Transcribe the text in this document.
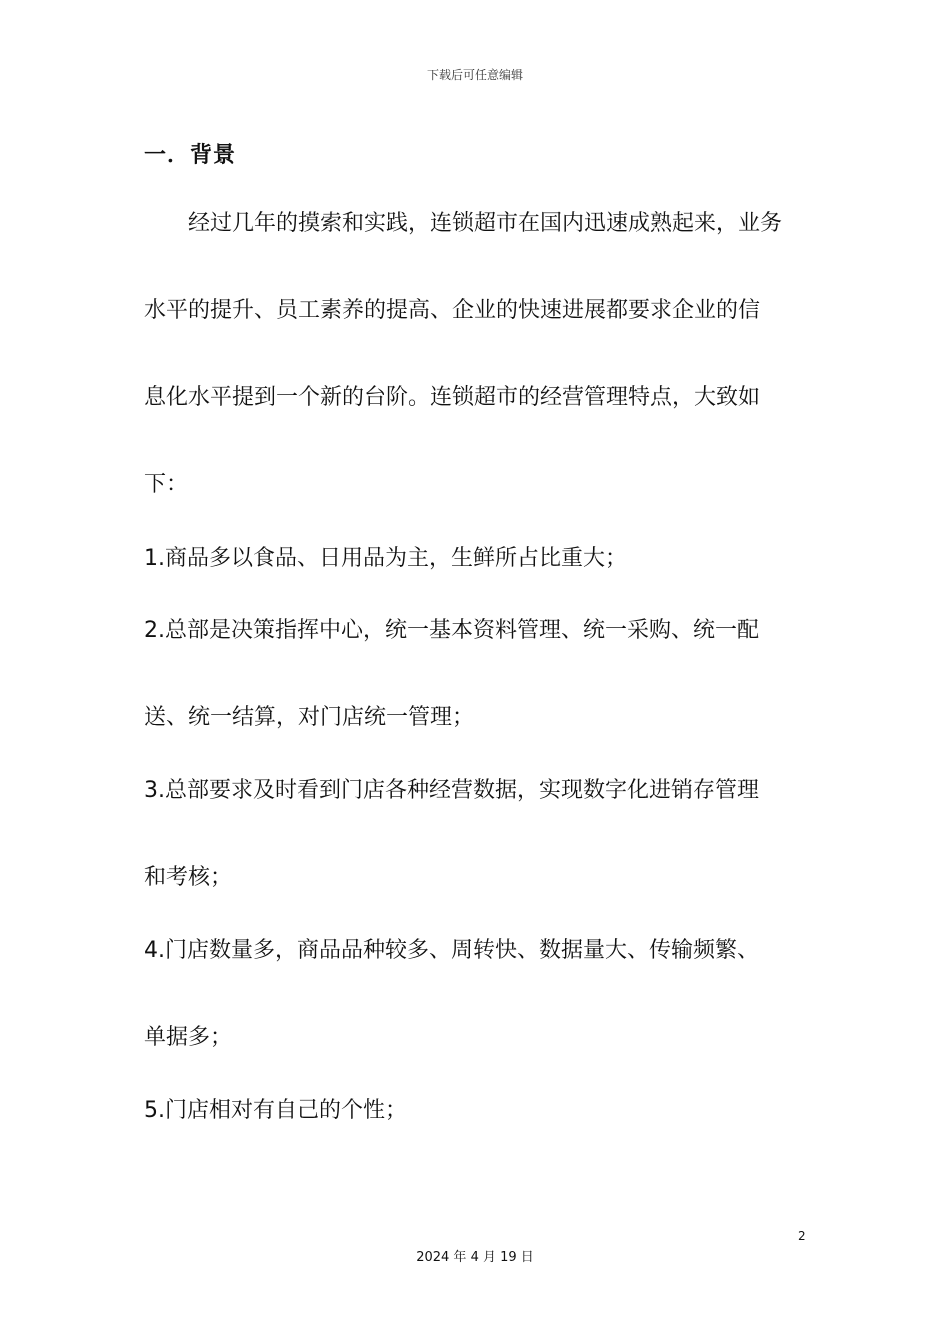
下载后可任意编辑
一．背景
　　经过几年的摸索和实践，连锁超市在国内迅速成熟起来，业务
水平的提升、员工素养的提高、企业的快速进展都要求企业的信
息化水平提到一个新的台阶。连锁超市的经营管理特点，大致如
下：
1.商品多以食品、日用品为主，生鲜所占比重大；
2.总部是决策指挥中心，统一基本资料管理、统一采购、统一配
送、统一结算，对门店统一管理；
3.总部要求及时看到门店各种经营数据，实现数字化进销存管理
和考核；
4.门店数量多，商品品种较多、周转快、数据量大、传输频繁、
单据多；
5.门店相对有自己的个性；
2
2024 年 4 月 19 日
